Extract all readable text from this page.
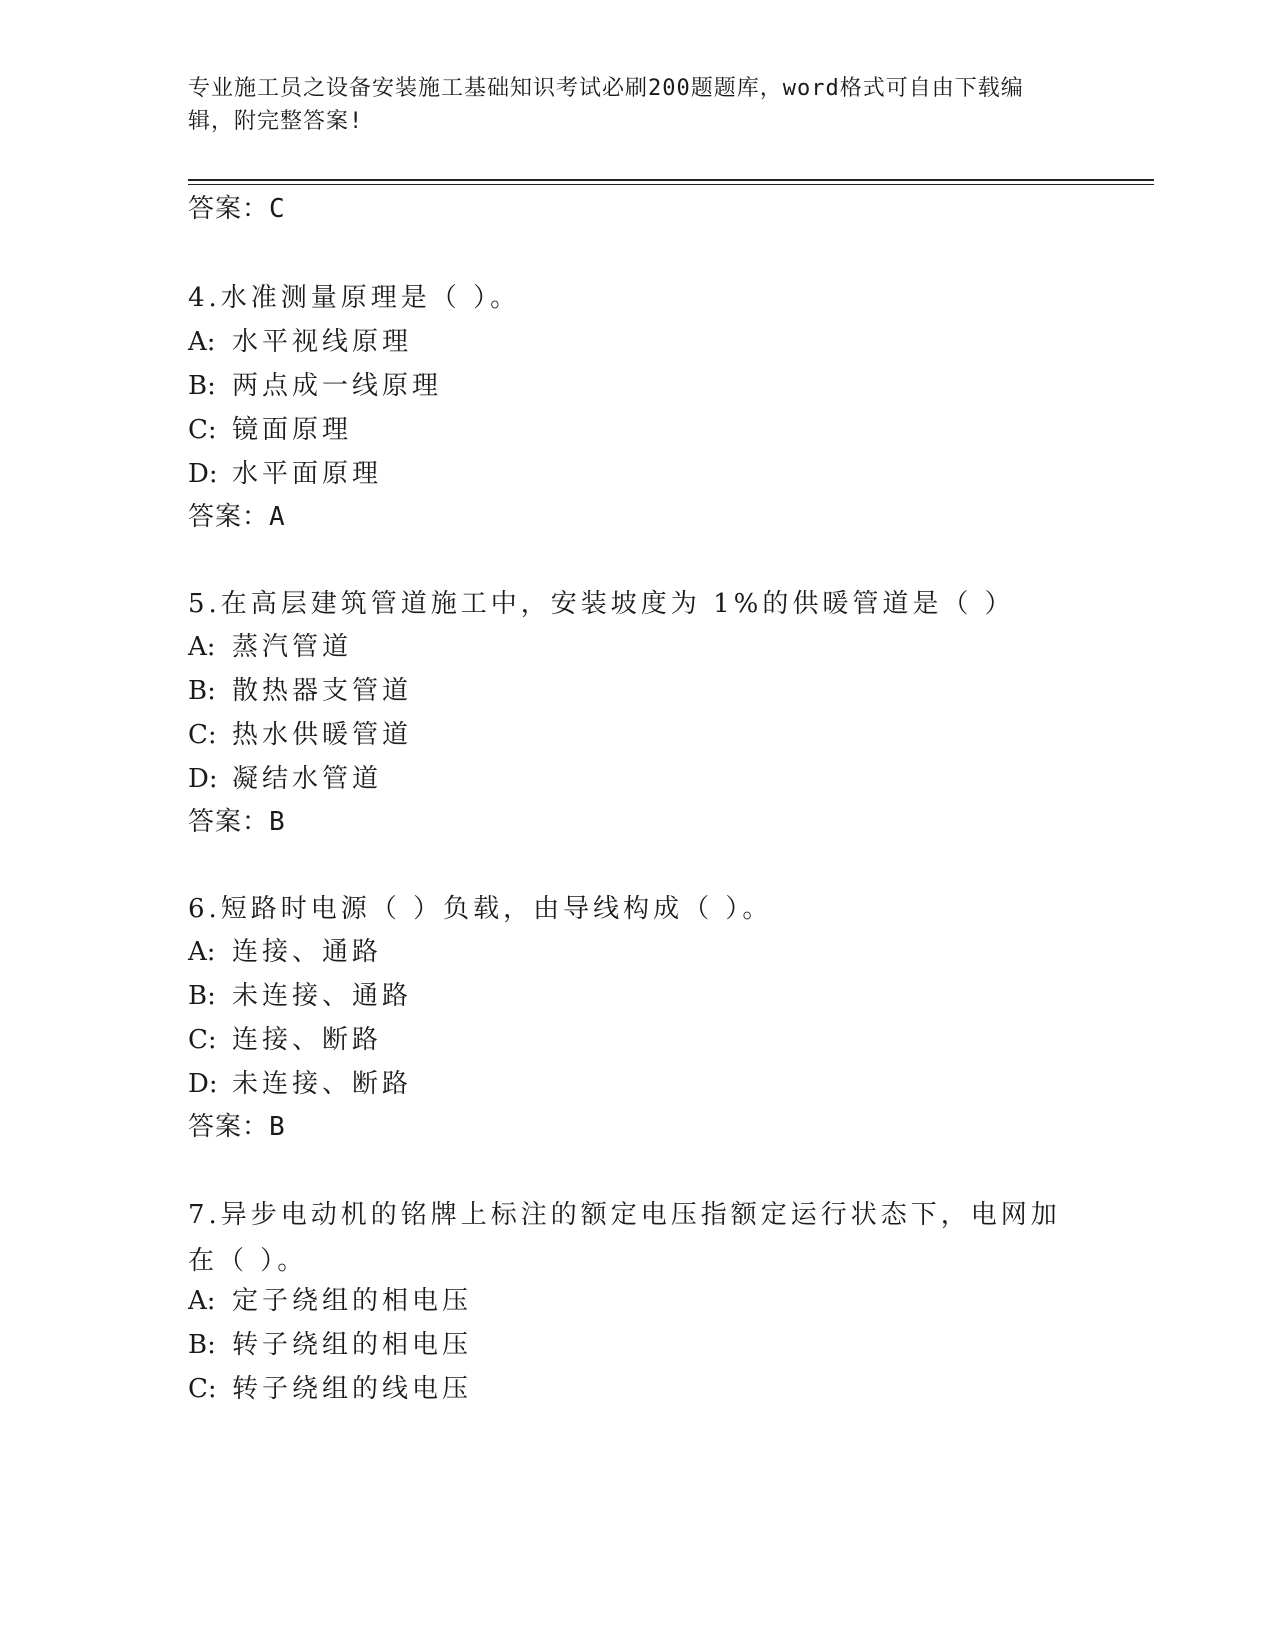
专业施工员之设备安装施工基础知识考试必刷200题题库，word格式可自由下载编辑，附完整答案!
答案：C
4.水准测量原理是（ ）。
A: 水平视线原理
B: 两点成一线原理
C: 镜面原理
D: 水平面原理
答案：A
5.在高层建筑管道施工中，安装坡度为 1%的供暖管道是（ ）
A: 蒸汽管道
B: 散热器支管道
C: 热水供暖管道
D: 凝结水管道
答案：B
6.短路时电源（ ）负载，由导线构成（ ）。
A: 连接、通路
B: 未连接、通路
C: 连接、断路
D: 未连接、断路
答案：B
7.异步电动机的铭牌上标注的额定电压指额定运行状态下，电网加在（ ）。
A: 定子绕组的相电压
B: 转子绕组的相电压
C: 转子绕组的线电压
